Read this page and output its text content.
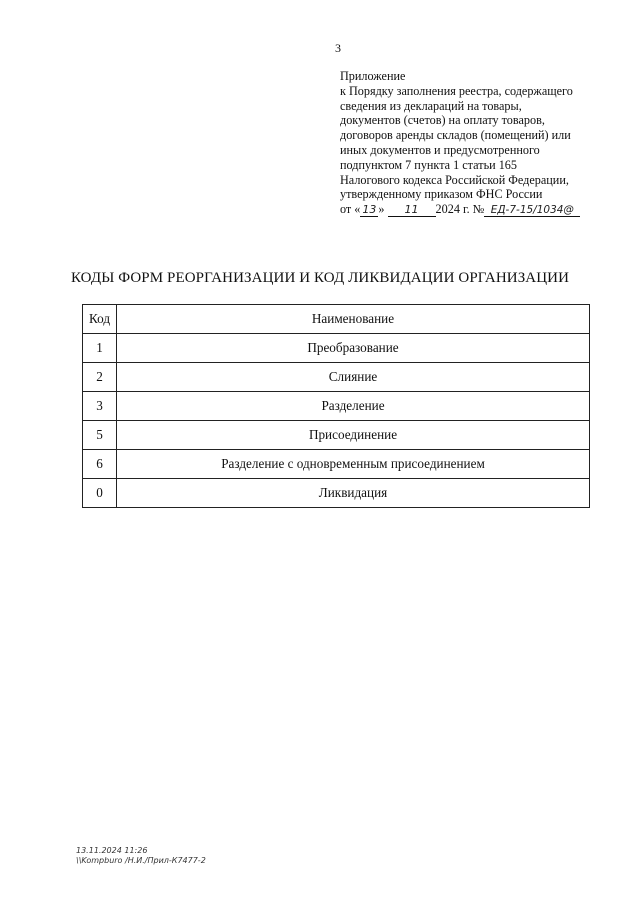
3
Приложение
к Порядку заполнения реестра, содержащего
сведения из деклараций на товары,
документов (счетов) на оплату товаров,
договоров аренды складов (помещений) или
иных документов и предусмотренного
подпунктом 7 пункта 1 статьи 165
Налогового кодекса Российской Федерации,
утвержденному приказом ФНС России
от « 13 » 11 2024 г. № ЕД-7-15/1034@
КОДЫ ФОРМ РЕОРГАНИЗАЦИИ И КОД ЛИКВИДАЦИИ ОРГАНИЗАЦИИ
Код	Наименование
1	Преобразование
2	Слияние
3	Разделение
5	Присоединение
6	Разделение с одновременным присоединением
0	Ликвидация
13.11.2024 11:26
\\Kompburo /Н.И./Прил-К7477-2
